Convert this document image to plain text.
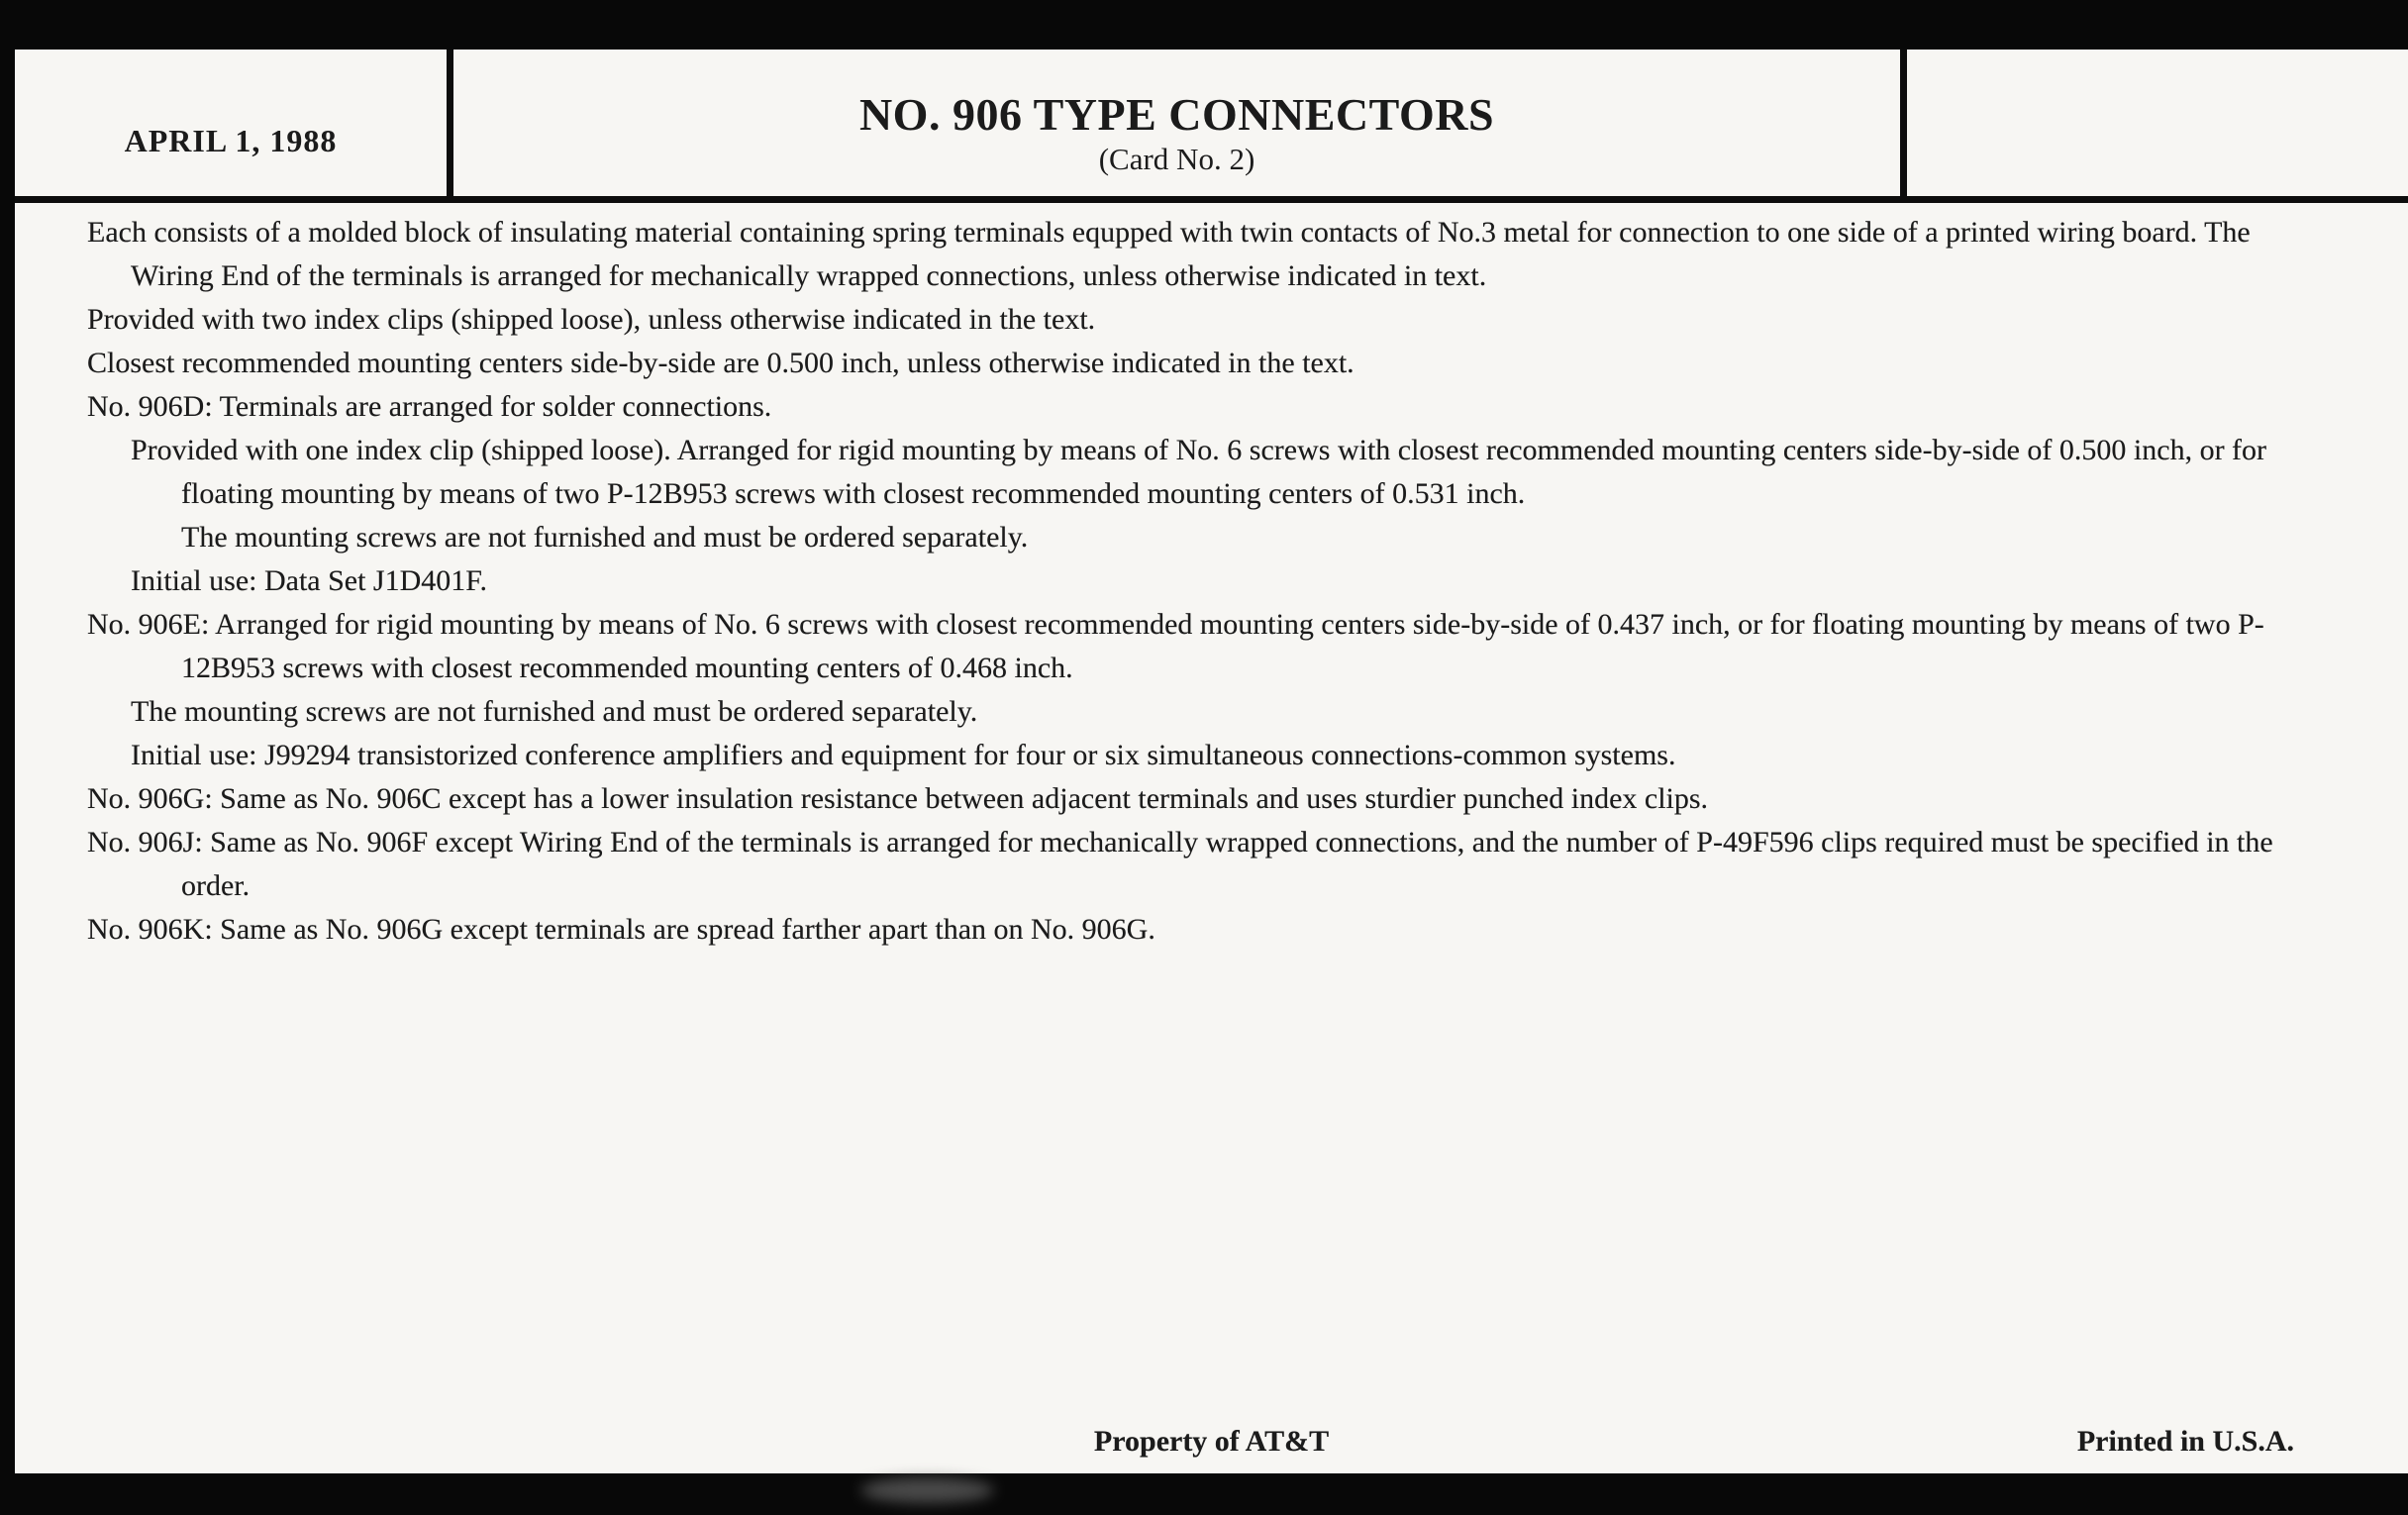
APRIL 1, 1988
NO. 906 TYPE CONNECTORS
(Card No. 2)

Each consists of a molded block of insulating material containing spring terminals equpped with twin contacts of No.3 metal for connection to one side of a printed wiring board. The Wiring End of the terminals is arranged for mechanically wrapped connections, unless otherwise indicated in text.

Provided with two index clips (shipped loose), unless otherwise indicated in the text.

Closest recommended mounting centers side-by-side are 0.500 inch, unless otherwise indicated in the text.

No. 906D: Terminals are arranged for solder connections.

Provided with one index clip (shipped loose). Arranged for rigid mounting by means of No. 6 screws with closest recommended mounting centers side-by-side of 0.500 inch, or for floating mounting by means of two P-12B953 screws with closest recommended mounting centers of 0.531 inch.

The mounting screws are not furnished and must be ordered separately.

Initial use: Data Set J1D401F.

No. 906E: Arranged for rigid mounting by means of No. 6 screws with closest recommended mounting centers side-by-side of 0.437 inch, or for floating mounting by means of two P-12B953 screws with closest recommended mounting centers of 0.468 inch.

The mounting screws are not furnished and must be ordered separately.

Initial use: J99294 transistorized conference amplifiers and equipment for four or six simultaneous connections-common systems.

No. 906G: Same as No. 906C except has a lower insulation resistance between adjacent terminals and uses sturdier punched index clips.

No. 906J: Same as No. 906F except Wiring End of the terminals is arranged for mechanically wrapped connections, and the number of P-49F596 clips required must be specified in the order.

No. 906K: Same as No. 906G except terminals are spread farther apart than on No. 906G.

Property of AT&T	Printed in U.S.A.
